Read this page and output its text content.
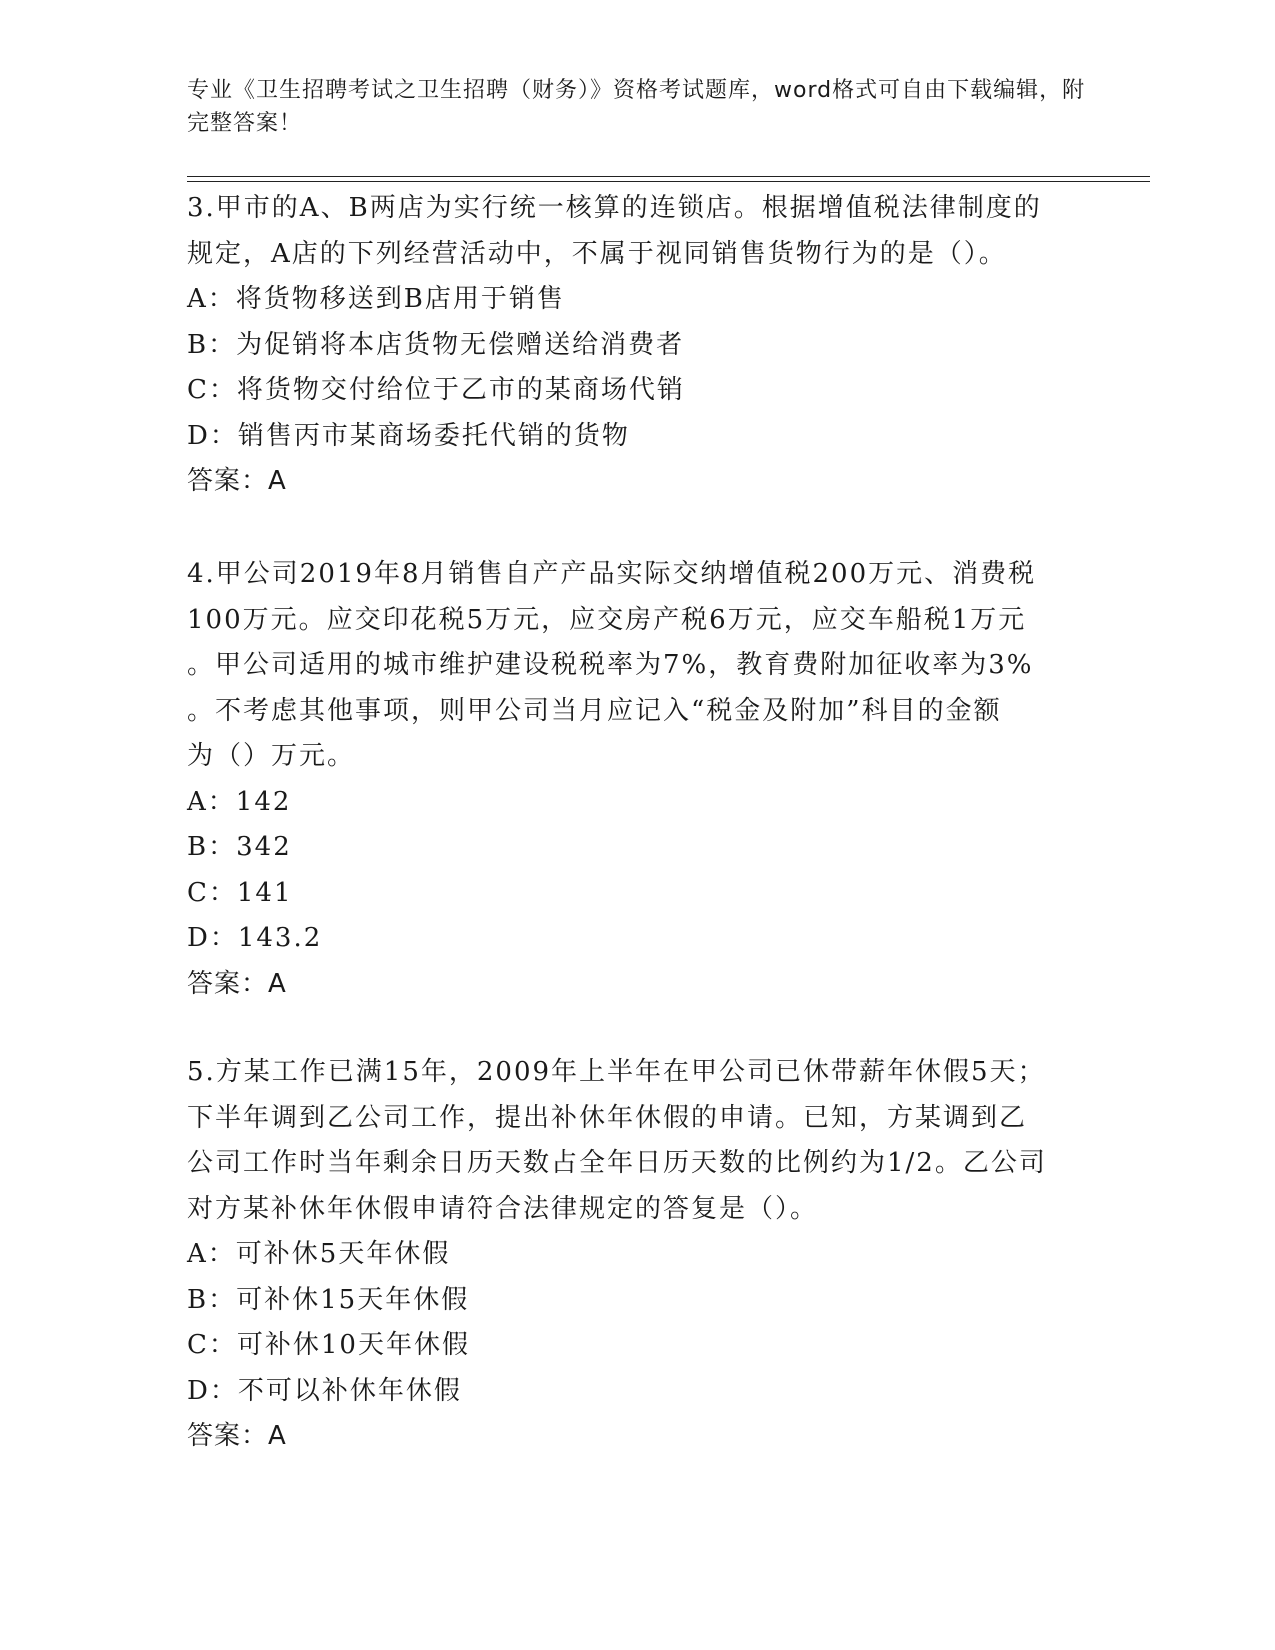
专业《卫生招聘考试之卫生招聘（财务）》资格考试题库，word格式可自由下载编辑，附完整答案！

3.甲市的A、B两店为实行统一核算的连锁店。根据增值税法律制度的

规定，A店的下列经营活动中，不属于视同销售货物行为的是（）。

A：将货物移送到B店用于销售

B：为促销将本店货物无偿赠送给消费者

C：将货物交付给位于乙市的某商场代销

D：销售丙市某商场委托代销的货物

答案：A

4.甲公司2019年8月销售自产产品实际交纳增值税200万元、消费税

100万元。应交印花税5万元，应交房产税6万元，应交车船税1万元

。甲公司适用的城市维护建设税税率为7%，教育费附加征收率为3%

。不考虑其他事项，则甲公司当月应记入“税金及附加”科目的金额

为（）万元。

A：142

B：342

C：141

D：143.2

答案：A

5.方某工作已满15年，2009年上半年在甲公司已休带薪年休假5天；

下半年调到乙公司工作，提出补休年休假的申请。已知，方某调到乙

公司工作时当年剩余日历天数占全年日历天数的比例约为1/2。乙公司

对方某补休年休假申请符合法律规定的答复是（）。

A：可补休5天年休假

B：可补休15天年休假

C：可补休10天年休假

D：不可以补休年休假

答案：A
